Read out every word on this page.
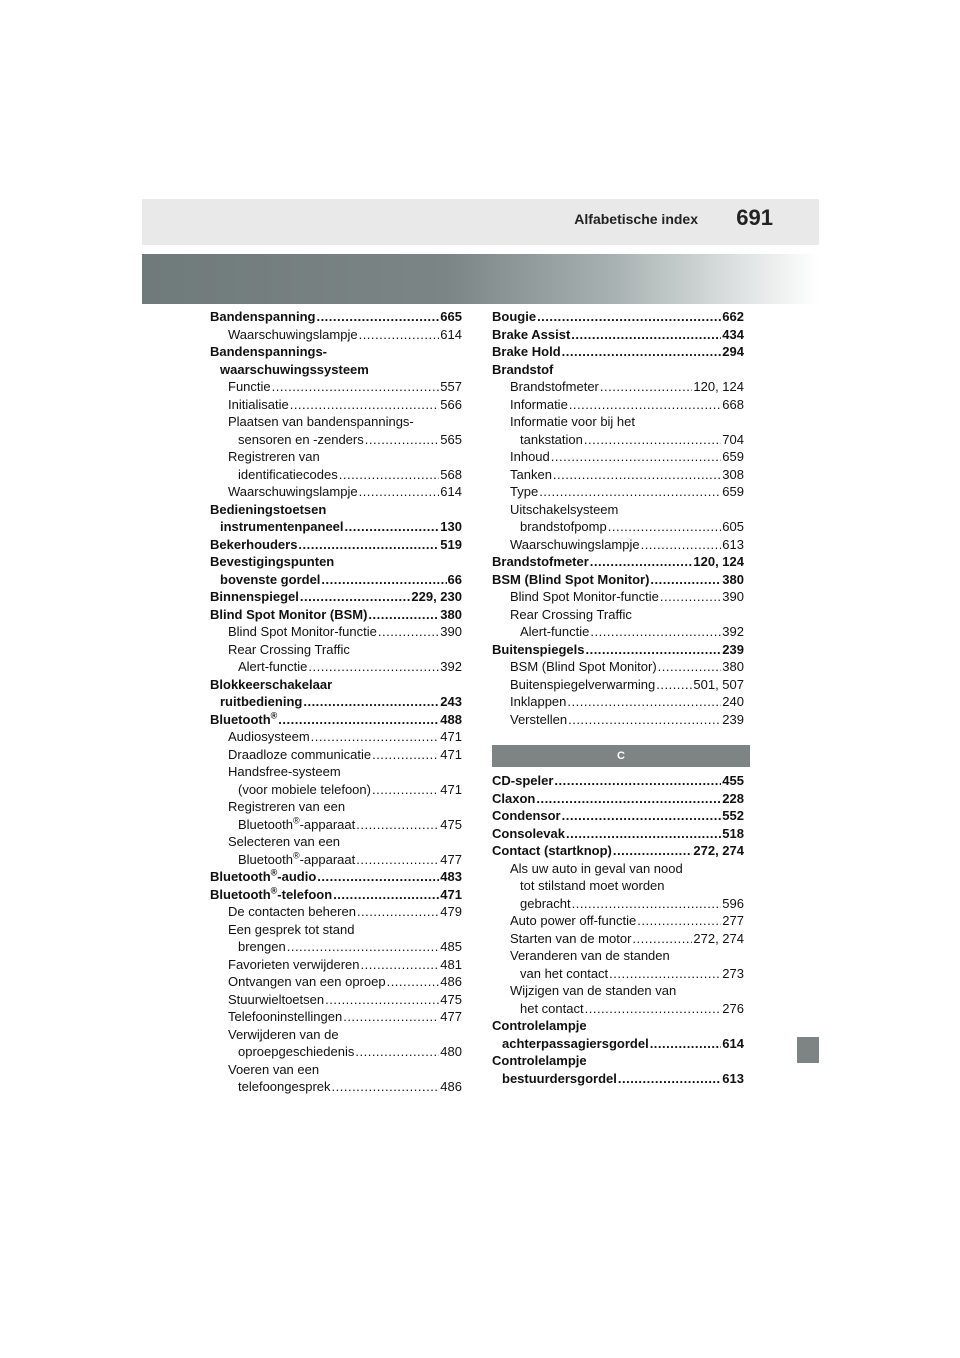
Alfabetische index 691
Bandenspanning .....	665
Waarschuwingslampje .....	614
Bandenspannings-
waarschuwingssysteem
Functie .....	557
Initialisatie .....	566
Plaatsen van bandenspannings-
sensoren en -zenders .....	565
Registreren van
identificatiecodes .....	568
Waarschuwingslampje .....	614
Bedieningstoetsen
instrumentenpaneel .....	130
Bekerhouders .....	519
Bevestigingspunten
bovenste gordel .....	66
Binnenspiegel .....	229, 230
Blind Spot Monitor (BSM) .....	380
Blind Spot Monitor-functie .....	390
Rear Crossing Traffic
Alert-functie .....	392
Blokkeerschakelaar
ruitbediening .....	243
Bluetooth® .....	488
Audiosysteem .....	471
Draadloze communicatie .....	471
Handsfree-systeem
(voor mobiele telefoon) .....	471
Registreren van een
Bluetooth®-apparaat .....	475
Selecteren van een
Bluetooth®-apparaat .....	477
Bluetooth®-audio .....	483
Bluetooth®-telefoon .....	471
De contacten beheren .....	479
Een gesprek tot stand
brengen .....	485
Favorieten verwijderen .....	481
Ontvangen van een oproep .....	486
Stuurwieltoetsen .....	475
Telefooninstellingen .....	477
Verwijderen van de
oproepgeschiedenis .....	480
Voeren van een
telefoongesprek .....	486
Bougie .....	662
Brake Assist .....	434
Brake Hold .....	294
Brandstof
Brandstofmeter .....	120, 124
Informatie .....	668
Informatie voor bij het
tankstation .....	704
Inhoud .....	659
Tanken .....	308
Type .....	659
Uitschakelsysteem
brandstofpomp .....	605
Waarschuwingslampje .....	613
Brandstofmeter .....	120, 124
BSM (Blind Spot Monitor) .....	380
Blind Spot Monitor-functie .....	390
Rear Crossing Traffic
Alert-functie .....	392
Buitenspiegels .....	239
BSM (Blind Spot Monitor) .....	380
Buitenspiegelverwarming .....	501, 507
Inklappen .....	240
Verstellen .....	239
C
CD-speler .....	455
Claxon .....	228
Condensor .....	552
Consolevak .....	518
Contact (startknop) .....	272, 274
Als uw auto in geval van nood
tot stilstand moet worden
gebracht .....	596
Auto power off-functie .....	277
Starten van de motor .....	272, 274
Veranderen van de standen
van het contact .....	273
Wijzigen van de standen van
het contact .....	276
Controlelampje
achterpassagiersgordel .....	614
Controlelampje
bestuurdersgordel .....	613
